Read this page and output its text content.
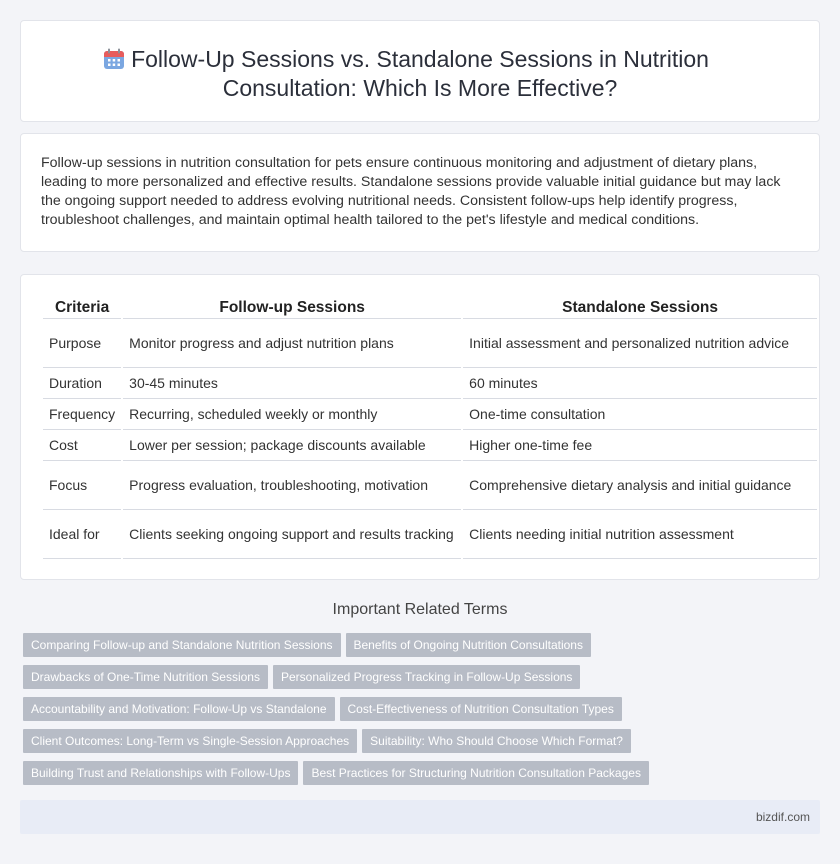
Follow-Up Sessions vs. Standalone Sessions in Nutrition Consultation: Which Is More Effective?

Follow-up sessions in nutrition consultation for pets ensure continuous monitoring and adjustment of dietary plans, leading to more personalized and effective results. Standalone sessions provide valuable initial guidance but may lack the ongoing support needed to address evolving nutritional needs. Consistent follow-ups help identify progress, troubleshoot challenges, and maintain optimal health tailored to the pet's lifestyle and medical conditions.

Criteria	Follow-up Sessions	Standalone Sessions
Purpose	Monitor progress and adjust nutrition plans	Initial assessment and personalized nutrition advice
Duration	30-45 minutes	60 minutes
Frequency	Recurring, scheduled weekly or monthly	One-time consultation
Cost	Lower per session; package discounts available	Higher one-time fee
Focus	Progress evaluation, troubleshooting, motivation	Comprehensive dietary analysis and initial guidance
Ideal for	Clients seeking ongoing support and results tracking	Clients needing initial nutrition assessment
Important Related Terms
Comparing Follow-up and Standalone Nutrition Sessions Benefits of Ongoing Nutrition Consultations
Drawbacks of One-Time Nutrition Sessions Personalized Progress Tracking in Follow-Up Sessions
Accountability and Motivation: Follow-Up vs Standalone Cost-Effectiveness of Nutrition Consultation Types
Client Outcomes: Long-Term vs Single-Session Approaches Suitability: Who Should Choose Which Format?
Building Trust and Relationships with Follow-Ups Best Practices for Structuring Nutrition Consultation Packages
bizdif.com
